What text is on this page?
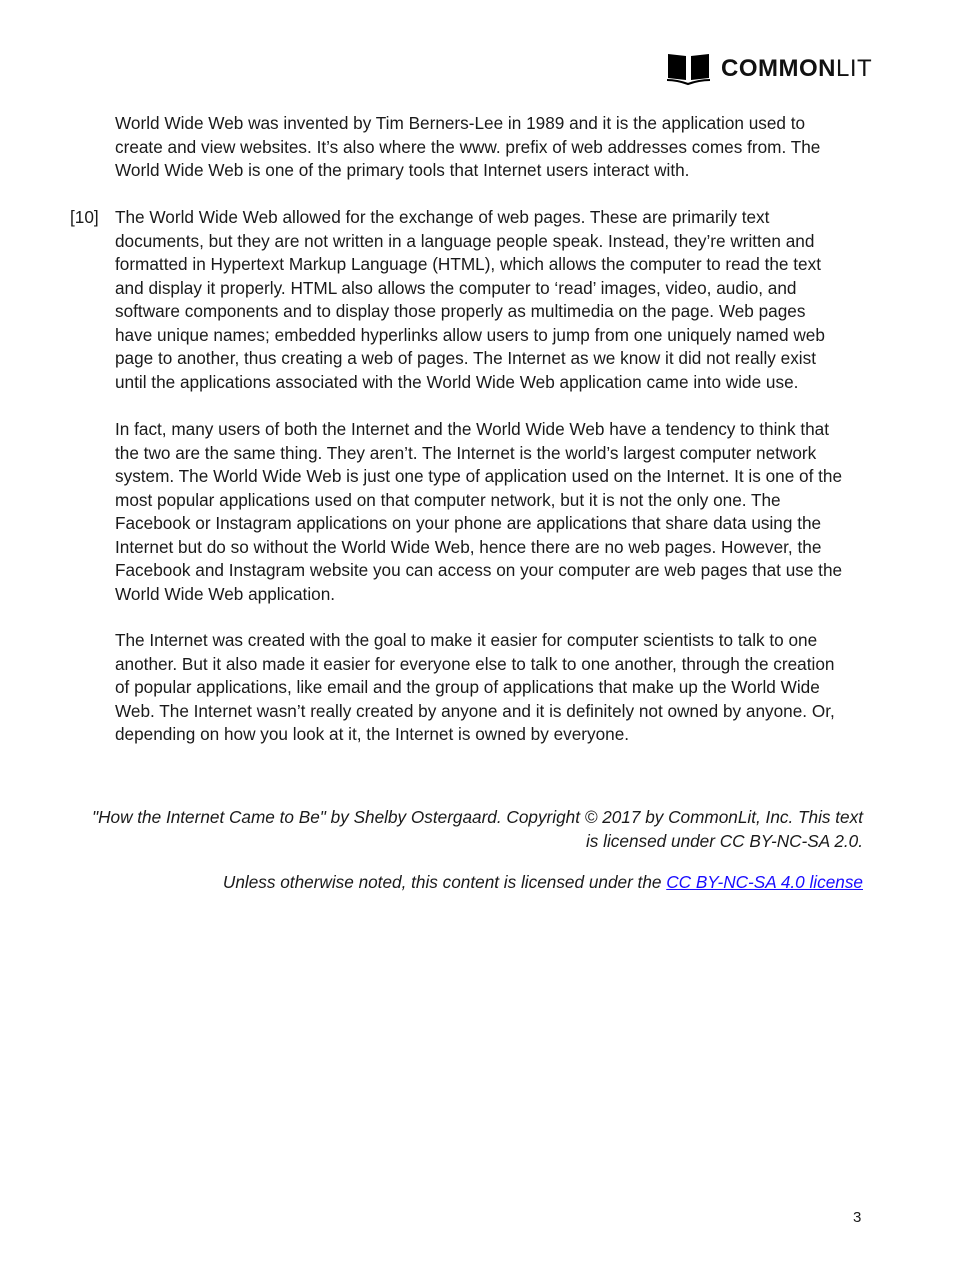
COMMONLIT
World Wide Web was invented by Tim Berners-Lee in 1989 and it is the application used to
create and view websites. It’s also where the www. prefix of web addresses comes from. The
World Wide Web is one of the primary tools that Internet users interact with.
[10] The World Wide Web allowed for the exchange of web pages. These are primarily text
documents, but they are not written in a language people speak. Instead, they’re written and
formatted in Hypertext Markup Language (HTML), which allows the computer to read the text
and display it properly. HTML also allows the computer to ‘read’ images, video, audio, and
software components and to display those properly as multimedia on the page. Web pages
have unique names; embedded hyperlinks allow users to jump from one uniquely named web
page to another, thus creating a web of pages. The Internet as we know it did not really exist
until the applications associated with the World Wide Web application came into wide use.
In fact, many users of both the Internet and the World Wide Web have a tendency to think that
the two are the same thing. They aren’t. The Internet is the world’s largest computer network
system. The World Wide Web is just one type of application used on the Internet. It is one of the
most popular applications used on that computer network, but it is not the only one. The
Facebook or Instagram applications on your phone are applications that share data using the
Internet but do so without the World Wide Web, hence there are no web pages. However, the
Facebook and Instagram website you can access on your computer are web pages that use the
World Wide Web application.
The Internet was created with the goal to make it easier for computer scientists to talk to one
another. But it also made it easier for everyone else to talk to one another, through the creation
of popular applications, like email and the group of applications that make up the World Wide
Web. The Internet wasn’t really created by anyone and it is definitely not owned by anyone. Or,
depending on how you look at it, the Internet is owned by everyone.
"How the Internet Came to Be" by Shelby Ostergaard. Copyright © 2017 by CommonLit, Inc. This text
is licensed under CC BY-NC-SA 2.0.
Unless otherwise noted, this content is licensed under the CC BY-NC-SA 4.0 license
3
